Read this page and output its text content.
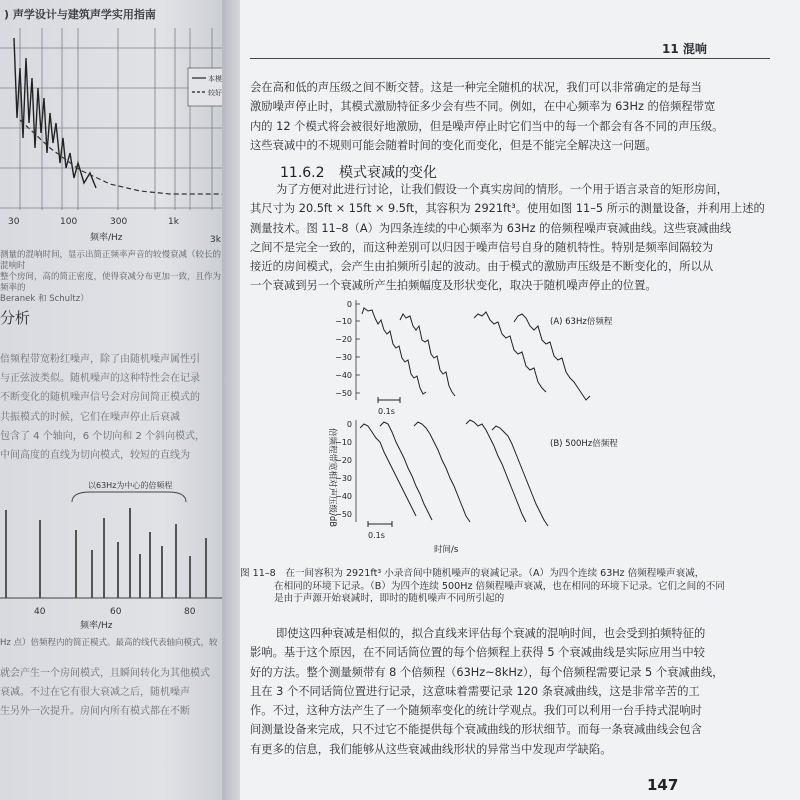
) 声学设计与建筑声学实用指南
本模
较好
30	300	1k
3k
100
频率/Hz
测量的混响时间，显示出简正频率声音的较慢衰减（较长的混响时
整个房间，高的简正密度，使得衰减分布更加一致，且作为频率的
Beranek 和 Schultz）
分析
倍频程带宽粉红噪声，除了由随机噪声属性引
与正弦波类似。随机噪声的这种特性会在记录
不断变化的随机噪声信号会对房间简正模式的
共振模式的时候，它们在噪声停止后衰减
包含了 4 个轴向，6 个切向和 2 个斜向模式，
中间高度的直线为切向模式，较短的直线为
以63Hz为中心的倍频程
40	60	80
频率/Hz
Hz 点）倍频程内的简正模式。最高的线代表轴向模式，较
就会产生一个房间模式，且瞬间转化为其他模式
衰减。不过在它有很大衰减之后，随机噪声
生另外一次提升。房间内所有模式都在不断
11 混响
会在高和低的声压级之间不断交替。这是一种完全随机的状况，我们可以非常确定的是每当
激励噪声停止时，其模式激励特征多少会有些不同。例如，在中心频率为 63Hz 的倍频程带宽
内的 12 个模式将会被很好地激励，但是噪声停止时它们当中的每一个都会有各不同的声压级。
这些衰减中的不规则可能会随着时间的变化而变化，但是不能完全解决这一问题。
11.6.2 模式衰减的变化
为了方便对此进行讨论，让我们假设一个真实房间的情形。一个用于语言录音的矩形房间，
其尺寸为 20.5ft × 15ft × 9.5ft，其容积为 2921ft³。使用如图 11–5 所示的测量设备，并利用上述的
测量技术。图 11–8（A）为四条连续的中心频率为 63Hz 的倍频程噪声衰减曲线。这些衰减曲线
之间不是完全一致的，而这种差别可以归因于噪声信号自身的随机特性。特别是频率间隔较为
接近的房间模式，会产生由拍频所引起的波动。由于模式的激励声压级是不断变化的，所以从
一个衰减到另一个衰减所产生拍频幅度及形状变化，取决于随机噪声停止的位置。
倍频程带宽相对声压级/dB
0
−10
−20
−30
−40
−50
0.1s
(A) 63Hz倍频程
0
−10
−20
−30
−40
−50
0.1s
(B) 500Hz倍频程
时间/s
图 11–8　在一间容积为 2921ft³ 小录音间中随机噪声的衰减记录。（A）为四个连续 63Hz 倍频程噪声衰减，
在相同的环境下记录。（B）为四个连续 500Hz 倍频程噪声衰减，也在相同的环境下记录。它们之间的不同
是由于声源开始衰减时，即时的随机噪声不同所引起的
即使这四种衰减是相似的，拟合直线来评估每个衰减的混响时间，也会受到拍频特征的
影响。基于这个原因，在不同话筒位置的每个倍频程上获得 5 个衰减曲线是实际应用当中较
好的方法。整个测量频带有 8 个倍频程（63Hz~8kHz），每个倍频程需要记录 5 个衰减曲线，
且在 3 个不同话筒位置进行记录，这意味着需要记录 120 条衰减曲线，这是非常辛苦的工
作。不过，这种方法产生了一个随频率变化的统计学观点。我们可以利用一台手持式混响时
间测量设备来完成，只不过它不能提供每个衰减曲线的形状细节。而每一条衰减曲线会包含
有更多的信息，我们能够从这些衰减曲线形状的异常当中发现声学缺陷。
147
